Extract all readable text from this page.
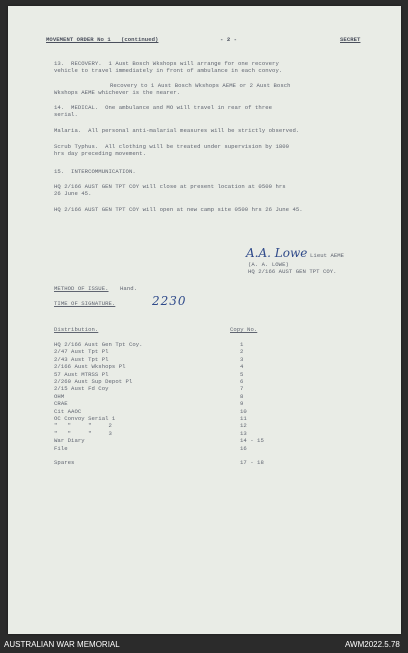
MOVEMENT ORDER No 1   (continued)	- 2 -	SECRET
13.  RECOVERY.  1 Aust Bosch Wkshops will arrange for one recovery
vehicle to travel immediately in front of ambulance in each convoy.
Recovery to 1 Aust Bosch Wkshops AEME or 2 Aust Bosch
Wkshops AEME whichever is the nearer.
14.  MEDICAL.  One ambulance and MO will travel in rear of three
serial.
Malaria.  All personal anti-malarial measures will be strictly observed.
Scrub Typhus.  All clothing will be treated under supervision by 1800
hrs day preceding movement.
15.  INTERCOMMUNICATION.
HQ 2/166 AUST GEN TPT COY will close at present location at 0500 hrs
26 June 45.
HQ 2/166 AUST GEN TPT COY will open at new camp site 0500 hrs 26 June 45.
A.A. Lowe Lieut AEME
(A. A. LOWE)
HQ 2/166 AUST GEN TPT COY.
METHOD OF ISSUE. Hand.
TIME OF SIGNATURE.	2230
Distribution.	Copy No.
HQ 2/166 Aust Gen Tpt Coy.	1
2/47 Aust Tpt Pl	2
2/43 Aust Tpt Pl	3
2/166 Aust Wkshops Pl	4
57 Aust MTRSS Pl	5
2/260 Aust Sup Depot Pl	6
2/15 Aust Fd Coy	7
OHM	8
CRAE	9
Cit AAOC	10
OC Convoy Serial 1	11
"   "     "     2	12
"   "     "     3	13
War Diary	14 - 15
File	16
Spares	17 - 18
AUSTRALIAN WAR MEMORIAL	AWM2022.5.78
